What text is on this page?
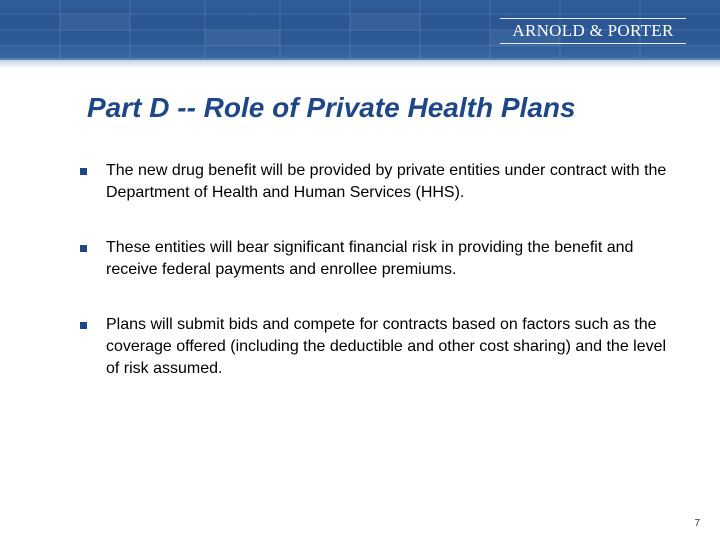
ARNOLD & PORTER
Part D -- Role of Private Health Plans
The new drug benefit will be provided by private entities under contract with the Department of Health and Human Services (HHS).
These entities will bear significant financial risk in providing the benefit and receive federal payments and enrollee premiums.
Plans will submit bids and compete for contracts based on factors such as the coverage offered (including the deductible and other cost sharing) and the level of risk assumed.
7
